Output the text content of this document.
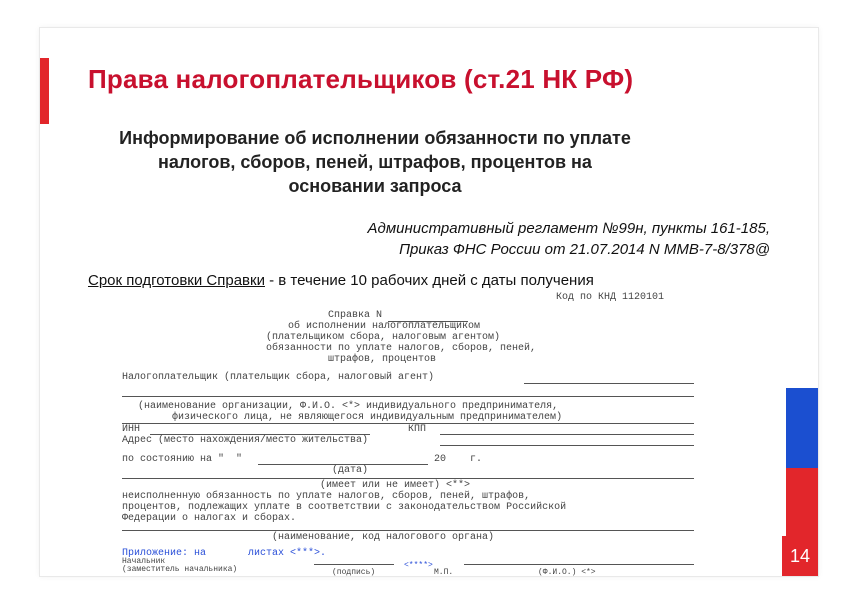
Права налогоплательщиков (ст.21 НК РФ)
Информирование об исполнении обязанности по уплате налогов, сборов, пеней, штрафов, процентов на основании запроса
Административный регламент №99н, пункты 161-185,
Приказ ФНС России от 21.07.2014 N ММВ-7-8/378@
Срок подготовки Справки - в течение 10 рабочих дней с даты получения
Код по КНД 1120101
Справка N
об исполнении налогоплательщиком
(плательщиком сбора, налоговым агентом)
обязанности по уплате налогов, сборов, пеней,
штрафов, процентов
Налогоплательщик (плательщик сбора, налоговый агент)
(наименование организации, Ф.И.О. <*> индивидуального предпринимателя,
физического лица, не являющегося индивидуальным предпринимателем)
ИНН	КПП
Адрес (место нахождения/место жительства)
по состоянию на "  "	20    г.
(дата)
(имеет или не имеет) <**>
неисполненную обязанность по уплате налогов, сборов, пеней, штрафов,
процентов, подлежащих уплате в соответствии с законодательством Российской
Федерации о налогах и сборах.
(наименование, код налогового органа)
Приложение: на       листах <***>.
Начальник
(заместитель начальника)	<****>
(подпись)	(Ф.И.О.) <*>
М.П.
14
